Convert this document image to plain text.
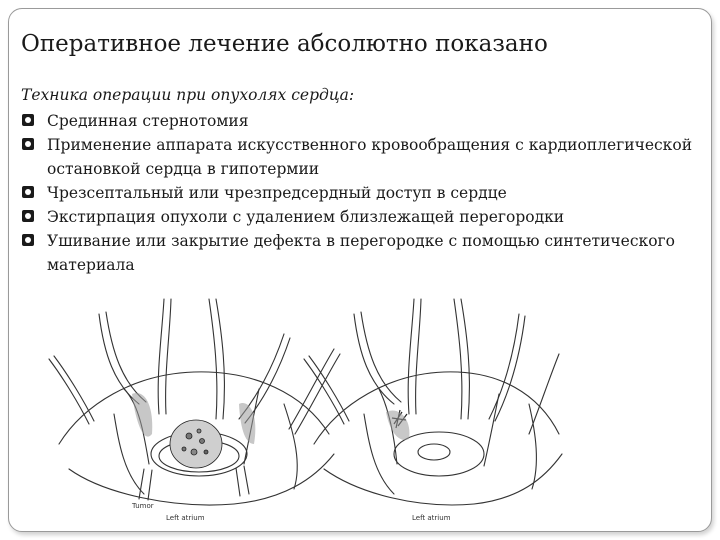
Оперативное лечение абсолютно показано
Техника операции при опухолях сердца:
Срединная стернотомия
Применение аппарата искусственного кровообращения с кардиоплегической остановкой сердца в гипотермии
Чрезсептальный или чрезпредсердный доступ в сердце
Экстирпация опухоли с удалением близлежащей перегородки
Ушивание или закрытие дефекта в перегородке с помощью синтетического материала
Tumor
Left atrium	Left atrium
